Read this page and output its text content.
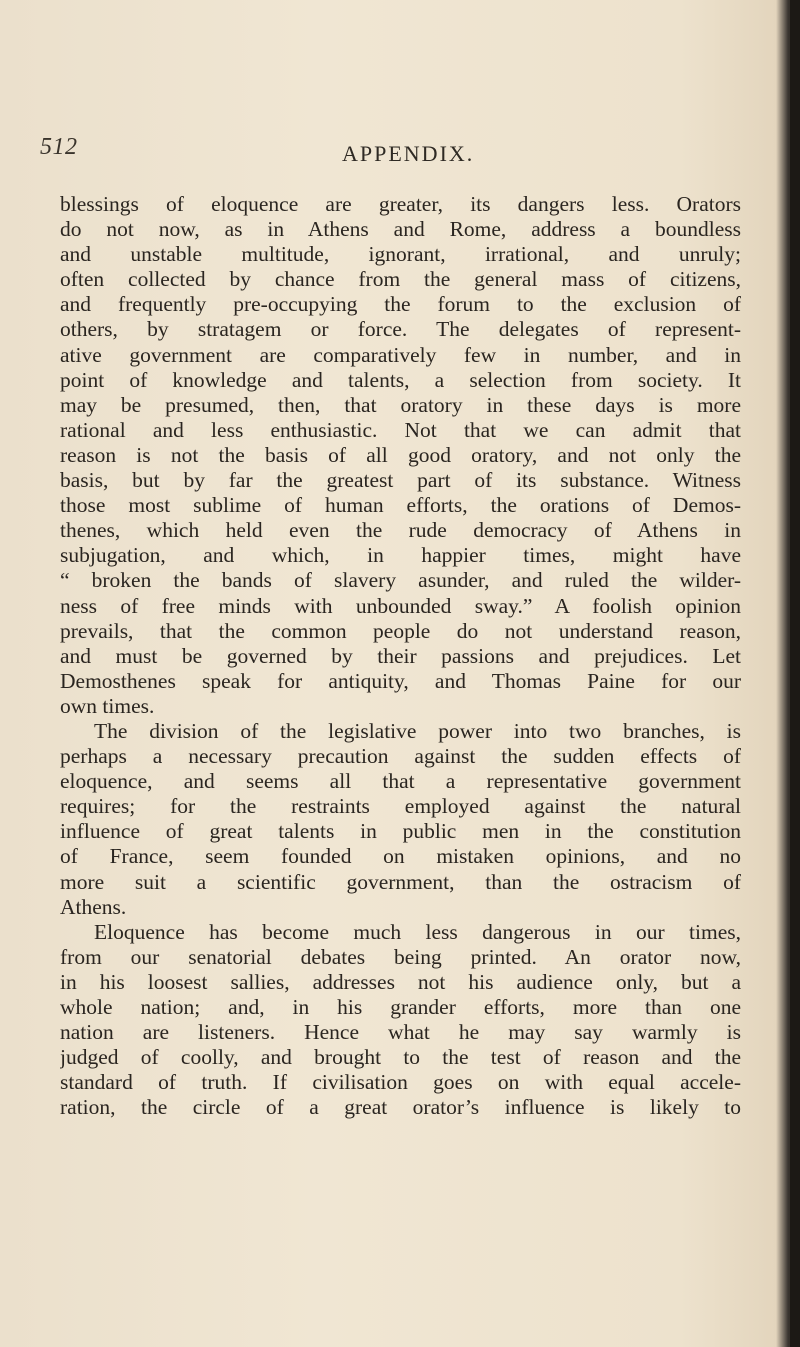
512	APPENDIX.
blessings of eloquence are greater, its dangers less. Orators
do not now, as in Athens and Rome, address a boundless
and unstable multitude, ignorant, irrational, and unruly;
often collected by chance from the general mass of citizens,
and frequently pre-occupying the forum to the exclusion of
others, by stratagem or force. The delegates of represent-
ative government are comparatively few in number, and in
point of knowledge and talents, a selection from society. It
may be presumed, then, that oratory in these days is more
rational and less enthusiastic. Not that we can admit that
reason is not the basis of all good oratory, and not only the
basis, but by far the greatest part of its substance. Witness
those most sublime of human efforts, the orations of Demos-
thenes, which held even the rude democracy of Athens in
subjugation, and which, in happier times, might have
“ broken the bands of slavery asunder, and ruled the wilder-
ness of free minds with unbounded sway.” A foolish opinion
prevails, that the common people do not understand reason,
and must be governed by their passions and prejudices. Let
Demosthenes speak for antiquity, and Thomas Paine for our
own times.
The division of the legislative power into two branches, is
perhaps a necessary precaution against the sudden effects of
eloquence, and seems all that a representative government
requires; for the restraints employed against the natural
influence of great talents in public men in the constitution
of France, seem founded on mistaken opinions, and no
more suit a scientific government, than the ostracism of
Athens.
Eloquence has become much less dangerous in our times,
from our senatorial debates being printed. An orator now,
in his loosest sallies, addresses not his audience only, but a
whole nation; and, in his grander efforts, more than one
nation are listeners. Hence what he may say warmly is
judged of coolly, and brought to the test of reason and the
standard of truth. If civilisation goes on with equal accele-
ration, the circle of a great orator’s influence is likely to
